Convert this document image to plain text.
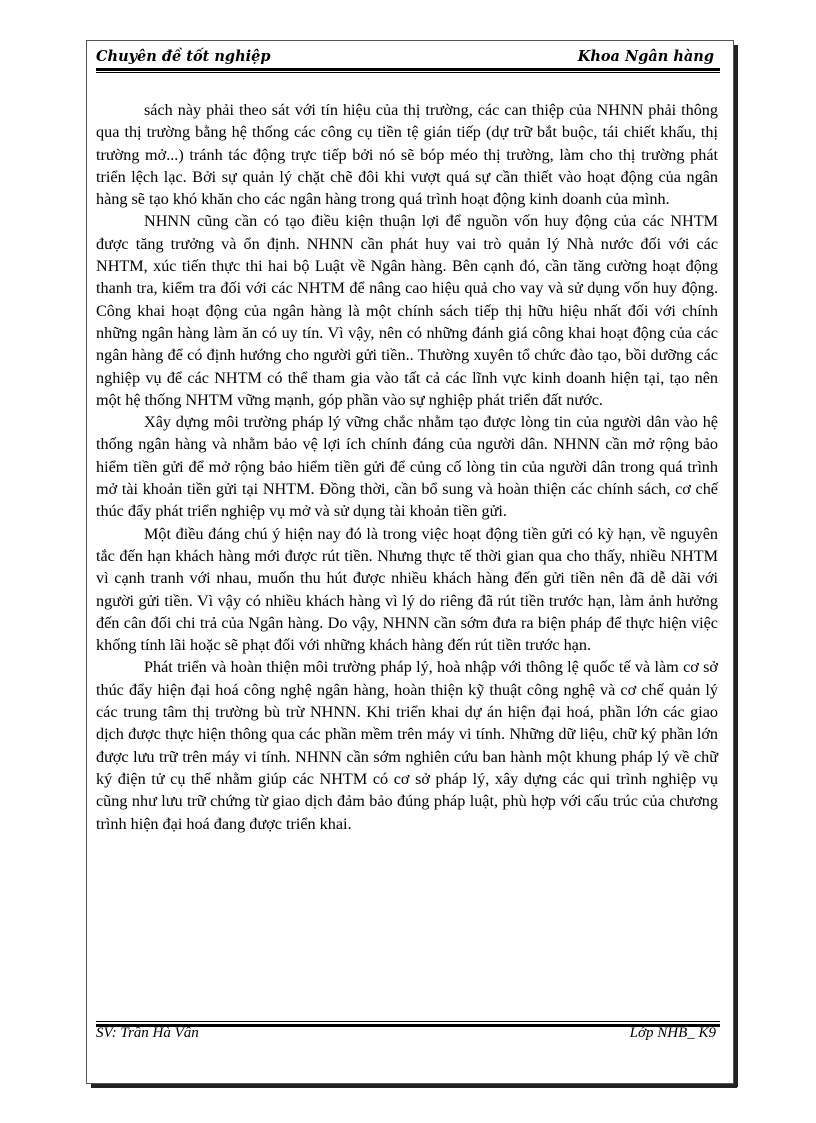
Chuyên đề tốt nghiệp	Khoa Ngân hàng

sách này phải theo sát với tín hiệu của thị trường, các can thiệp của NHNN phải thông qua thị trường bằng hệ thống các công cụ tiền tệ gián tiếp (dự trữ bắt buộc, tái chiết khấu, thị trường mở...) tránh tác động trực tiếp bởi nó sẽ bóp méo thị trường, làm cho thị trường phát triển lệch lạc. Bởi sự quản lý chặt chẽ đôi khi vượt quá sự cần thiết vào hoạt động của ngân hàng sẽ tạo khó khăn cho các ngân hàng trong quá trình hoạt động kinh doanh của mình.

NHNN cũng cần có tạo điều kiện thuận lợi để nguồn vốn huy động của các NHTM được tăng trưởng và ổn định. NHNN cần phát huy vai trò quản lý Nhà nước đối với các NHTM, xúc tiến thực thi hai bộ Luật về Ngân hàng. Bên cạnh đó, cần tăng cường hoạt động thanh tra, kiểm tra đối với các NHTM để nâng cao hiệu quả cho vay và sử dụng vốn huy động. Công khai hoạt động của ngân hàng là một chính sách tiếp thị hữu hiệu nhất đối với chính những ngân hàng làm ăn có uy tín. Vì vậy, nên có những đánh giá công khai hoạt động của các ngân hàng để có định hướng cho người gửi tiền.. Thường xuyên tổ chức đào tạo, bồi dưỡng các nghiệp vụ để các NHTM có thể tham gia vào tất cả các lĩnh vực kinh doanh hiện tại, tạo nên một hệ thống NHTM vững mạnh, góp phần vào sự nghiệp phát triển đất nước.

Xây dựng môi trường pháp lý vững chắc nhằm tạo được lòng tin của người dân vào hệ thống ngân hàng và nhằm bảo vệ lợi ích chính đáng của người dân. NHNN cần mở rộng bảo hiểm tiền gửi để mở rộng bảo hiểm tiền gửi để củng cố lòng tin của người dân trong quá trình mở tài khoản tiền gửi tại NHTM. Đồng thời, cần bổ sung và hoàn thiện các chính sách, cơ chế thúc đẩy phát triển nghiệp vụ mở và sử dụng tài khoản tiền gửi.

Một điều đáng chú ý hiện nay đó là trong việc hoạt động tiền gửi có kỳ hạn, về nguyên tắc đến hạn khách hàng mới được rút tiền. Nhưng thực tế thời gian qua cho thấy, nhiều NHTM vì cạnh tranh với nhau, muốn thu hút được nhiều khách hàng đến gửi tiền nên đã dễ dãi với người gửi tiền. Vì vậy có nhiều khách hàng vì lý do riêng đã rút tiền trước hạn, làm ảnh hưởng đến cân đối chi trả của Ngân hàng. Do vậy, NHNN cần sớm đưa ra biện pháp để thực hiện việc khống tính lãi hoặc sẽ phạt đối với những khách hàng đến rút tiền trước hạn.

Phát triển và hoàn thiện môi trường pháp lý, hoà nhập với thông lệ quốc tế và làm cơ sở thúc đẩy hiện đại hoá công nghệ ngân hàng, hoàn thiện kỹ thuật công nghệ và cơ chế quản lý các trung tâm thị trường bù trừ NHNN. Khi triển khai dự án hiện đại hoá, phần lớn các giao dịch được thực hiện thông qua các phần mềm trên máy vi tính. Những dữ liệu, chữ ký phần lớn được lưu trữ trên máy vi tính. NHNN cần sớm nghiên cứu ban hành một khung pháp lý về chữ ký điện tử cụ thể nhằm giúp các NHTM có cơ sở pháp lý, xây dựng các qui trình nghiệp vụ cũng như lưu trữ chứng từ giao dịch đảm bảo đúng pháp luật, phù hợp với cấu trúc của chương trình hiện đại hoá đang được triển khai.

SV: Trần Hà Vân	Lớp NHB_ K9
